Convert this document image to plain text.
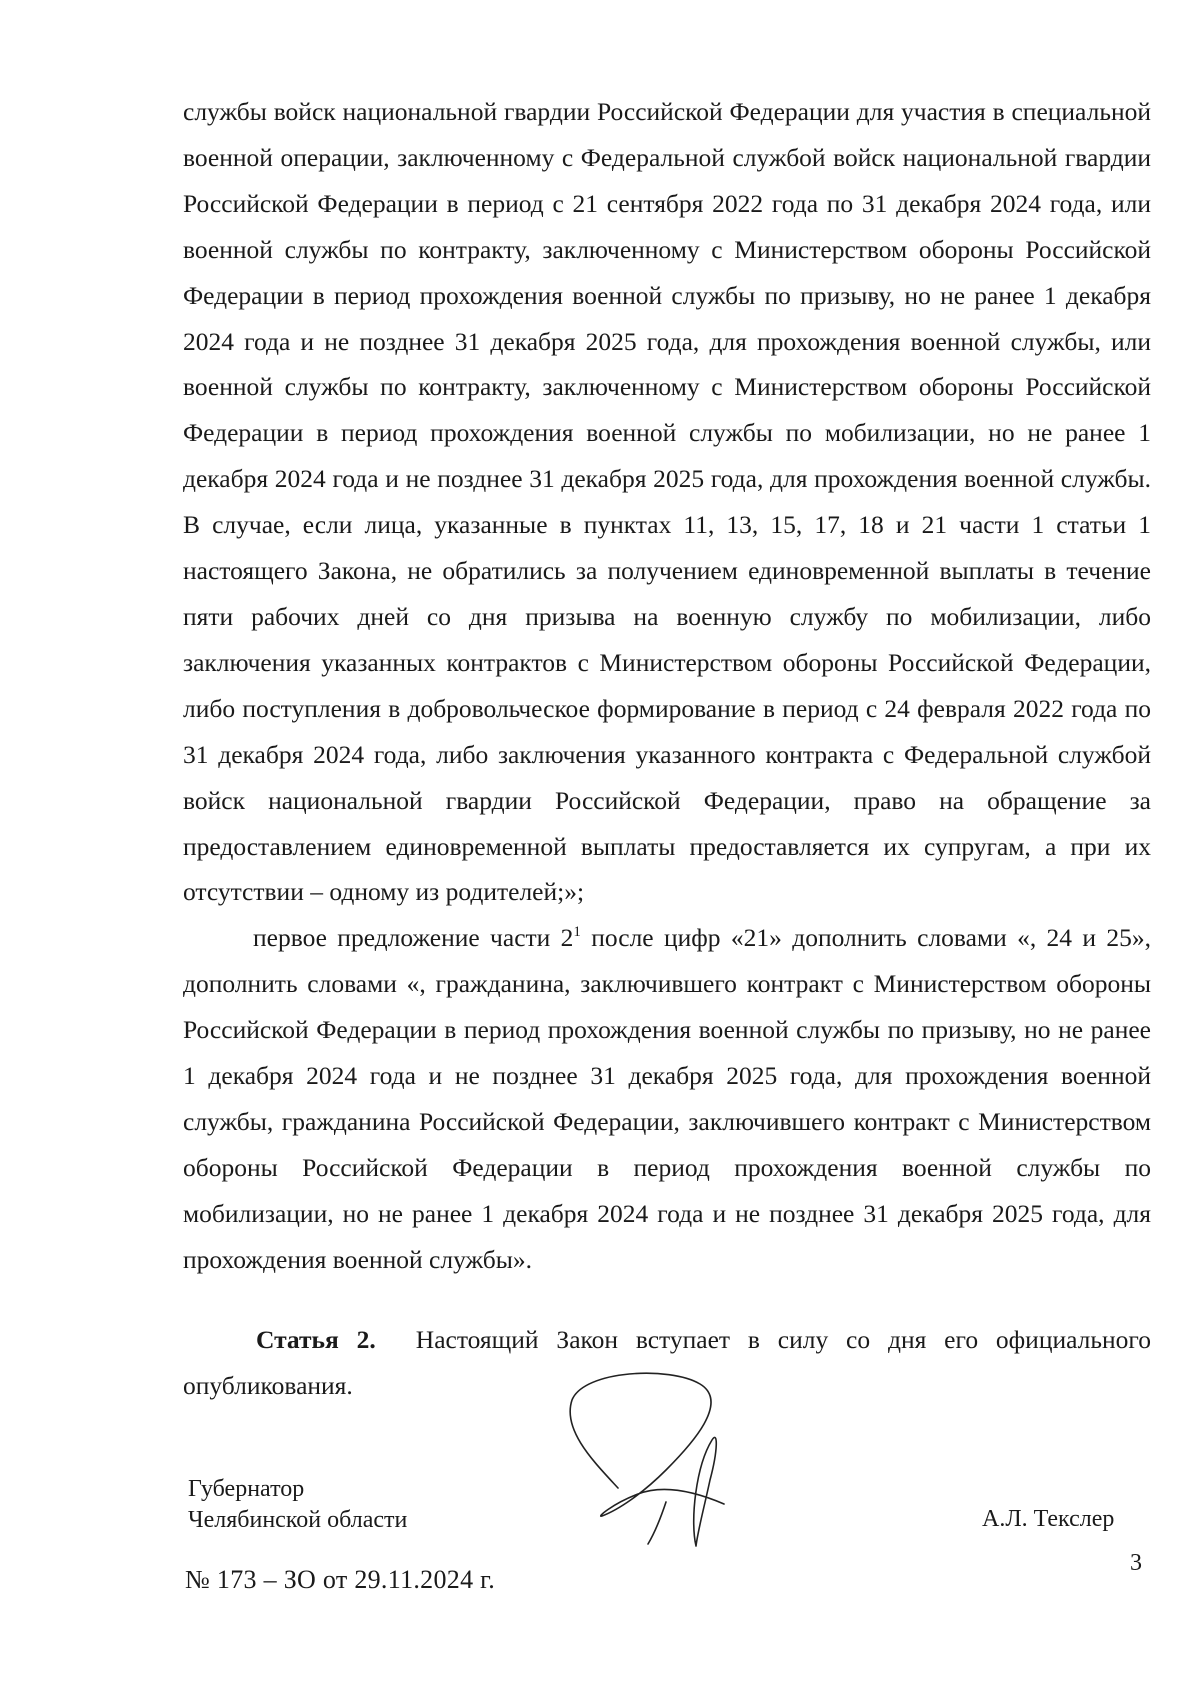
службы войск национальной гвардии Российской Федерации для участия в специальной военной операции, заключенному с Федеральной службой войск национальной гвардии Российской Федерации в период с 21 сентября 2022 года по 31 декабря 2024 года, или военной службы по контракту, заключенному с Министерством обороны Российской Федерации в период прохождения военной службы по призыву, но не ранее 1 декабря 2024 года и не позднее 31 декабря 2025 года, для прохождения военной службы, или военной службы по контракту, заключенному с Министерством обороны Российской Федерации в период прохождения военной службы по мобилизации, но не ранее 1 декабря 2024 года и не позднее 31 декабря 2025 года, для прохождения военной службы. В случае, если лица, указанные в пунктах 11, 13, 15, 17, 18 и 21 части 1 статьи 1 настоящего Закона, не обратились за получением единовременной выплаты в течение пяти рабочих дней со дня призыва на военную службу по мобилизации, либо заключения указанных контрактов с Министерством обороны Российской Федерации, либо поступления в добровольческое формирование в период с 24 февраля 2022 года по 31 декабря 2024 года, либо заключения указанного контракта с Федеральной службой войск национальной гвардии Российской Федерации, право на обращение за предоставлением единовременной выплаты предоставляется их супругам, а при их отсутствии – одному из родителей;»;

первое предложение части $2^1$ после цифр «21» дополнить словами «, 24 и 25», дополнить словами «, гражданина, заключившего контракт с Министерством обороны Российской Федерации в период прохождения военной службы по призыву, но не ранее 1 декабря 2024 года и не позднее 31 декабря 2025 года, для прохождения военной службы, гражданина Российской Федерации, заключившего контракт с Министерством обороны Российской Федерации в период прохождения военной службы по мобилизации, но не ранее 1 декабря 2024 года и не позднее 31 декабря 2025 года, для прохождения военной службы».

Статья 2. Настоящий Закон вступает в силу со дня его официального опубликования.
Губернатор
Челябинской области	А.Л. Текслер
3
№ 173 – ЗО от 29.11.2024 г.
